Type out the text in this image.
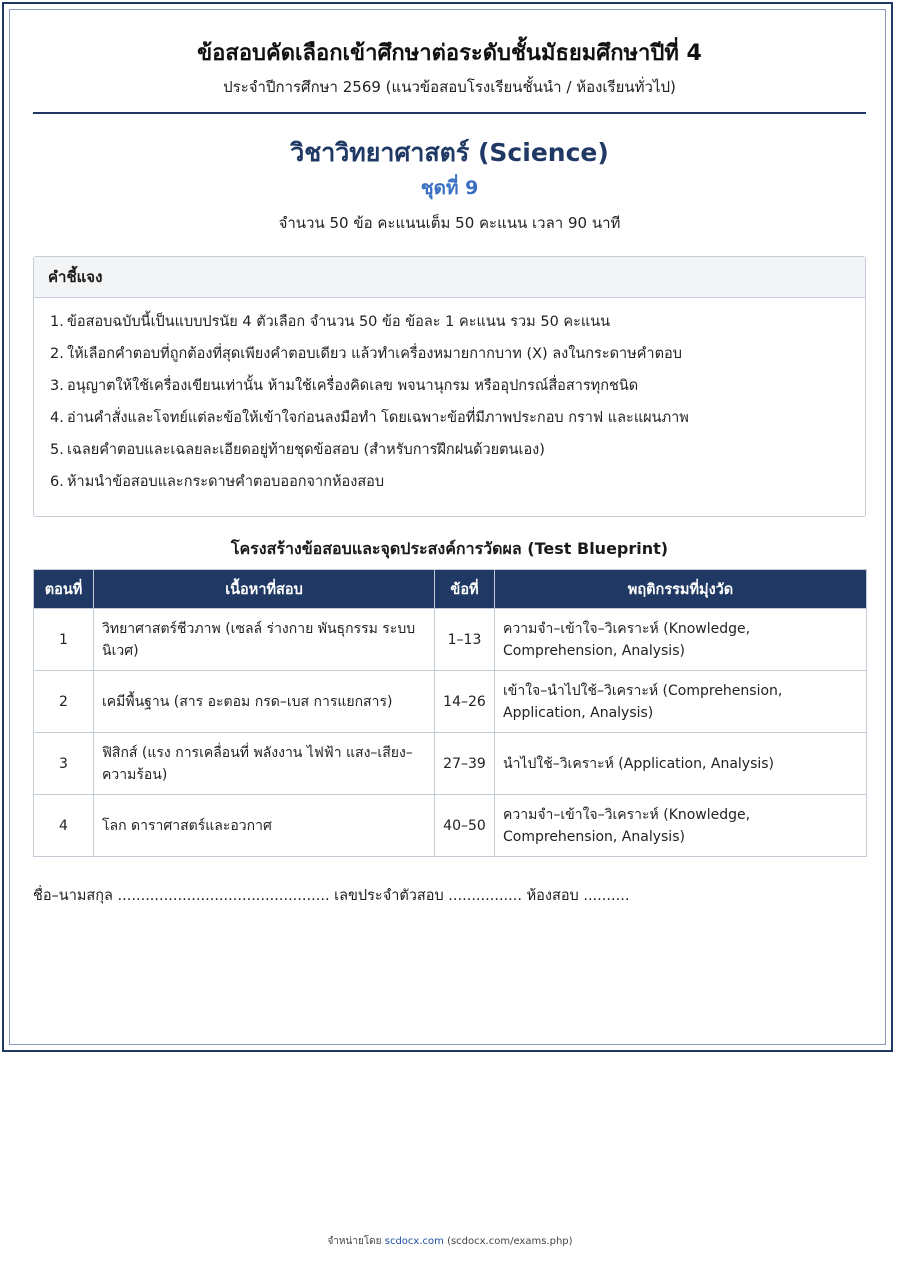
ข้อสอบคัดเลือกเข้าศึกษาต่อระดับชั้นมัธยมศึกษาปีที่ 4
ประจำปีการศึกษา 2569 (แนวข้อสอบโรงเรียนชั้นนำ / ห้องเรียนทั่วไป)
วิชาวิทยาศาสตร์ (Science)
ชุดที่ 9
จำนวน 50 ข้อ คะแนนเต็ม 50 คะแนน เวลา 90 นาที
คำชี้แจง
1. ข้อสอบฉบับนี้เป็นแบบปรนัย 4 ตัวเลือก จำนวน 50 ข้อ ข้อละ 1 คะแนน รวม 50 คะแนน
2. ให้เลือกคำตอบที่ถูกต้องที่สุดเพียงคำตอบเดียว แล้วทำเครื่องหมายกากบาท (X) ลงในกระดาษคำตอบ
3. อนุญาตให้ใช้เครื่องเขียนเท่านั้น ห้ามใช้เครื่องคิดเลข พจนานุกรม หรืออุปกรณ์สื่อสารทุกชนิด
4. อ่านคำสั่งและโจทย์แต่ละข้อให้เข้าใจก่อนลงมือทำ โดยเฉพาะข้อที่มีภาพประกอบ กราฟ และแผนภาพ
5. เฉลยคำตอบและเฉลยละเอียดอยู่ท้ายชุดข้อสอบ (สำหรับการฝึกฝนด้วยตนเอง)
6. ห้ามนำข้อสอบและกระดาษคำตอบออกจากห้องสอบ
โครงสร้างข้อสอบและจุดประสงค์การวัดผล (Test Blueprint)
ตอนที่	เนื้อหาที่สอบ	ข้อที่	พฤติกรรมที่มุ่งวัด
1	วิทยาศาสตร์ชีวภาพ (เซลล์ ร่างกาย พันธุกรรม ระบบนิเวศ)	1–13	ความจำ–เข้าใจ–วิเคราะห์ (Knowledge, Comprehension, Analysis)
2	เคมีพื้นฐาน (สาร อะตอม กรด–เบส การแยกสาร)	14–26	เข้าใจ–นำไปใช้–วิเคราะห์ (Comprehension, Application, Analysis)
3	ฟิสิกส์ (แรง การเคลื่อนที่ พลังงาน ไฟฟ้า แสง–เสียง–ความร้อน)	27–39	นำไปใช้–วิเคราะห์ (Application, Analysis)
4	โลก ดาราศาสตร์และอวกาศ	40–50	ความจำ–เข้าใจ–วิเคราะห์ (Knowledge, Comprehension, Analysis)
ชื่อ–นามสกุล .............................................. เลขประจำตัวสอบ ................ ห้องสอบ ..........
จำหน่ายโดย scdocx.com (scdocx.com/exams.php)
